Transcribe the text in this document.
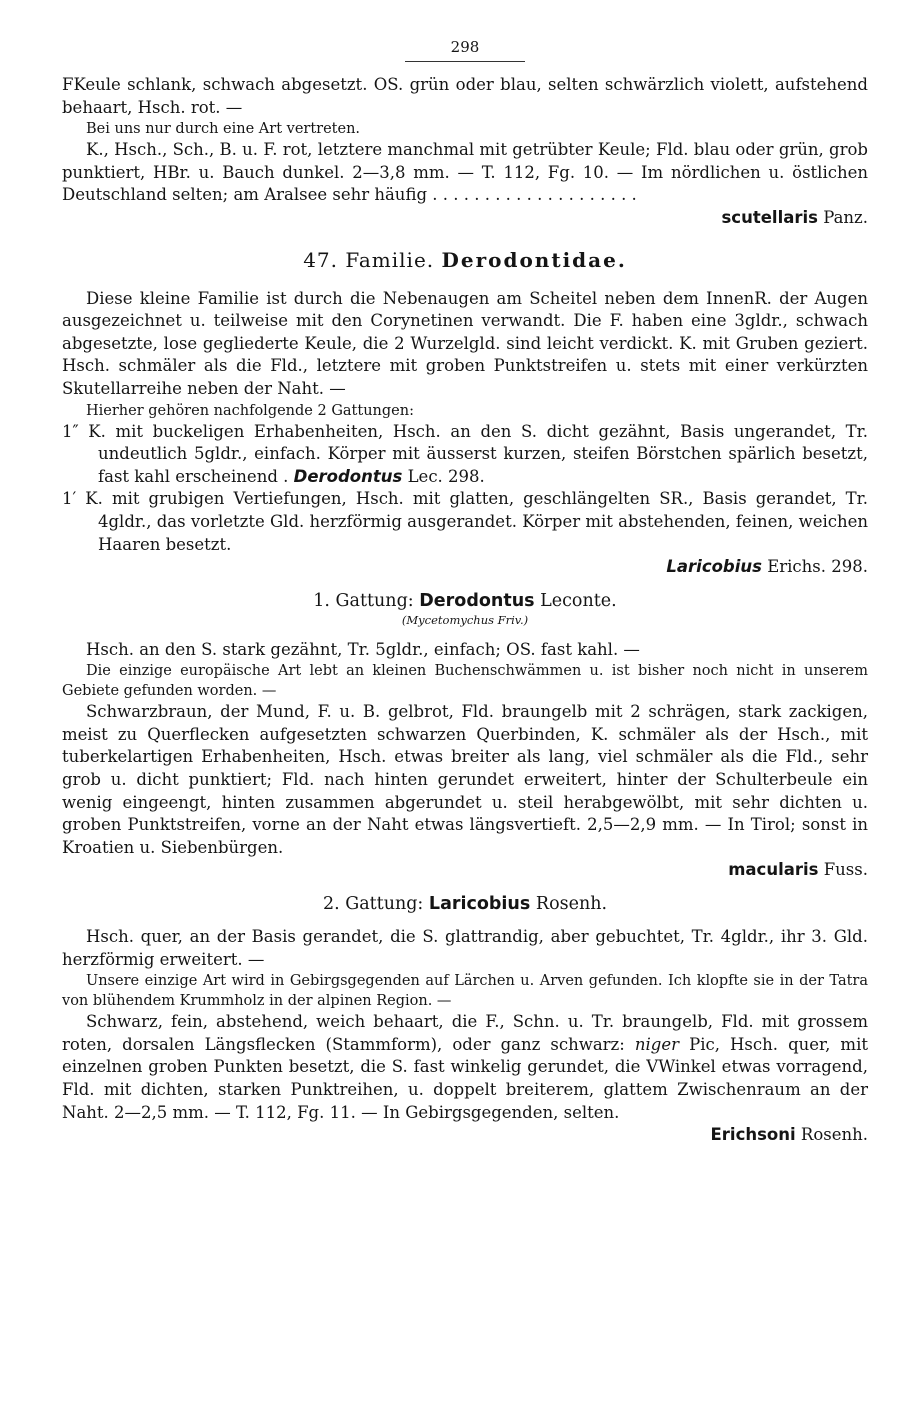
298

FKeule schlank, schwach abgesetzt. OS. grün oder blau, selten schwärzlich violett, aufstehend behaart, Hsch. rot. —

Bei uns nur durch eine Art vertreten.

K., Hsch., Sch., B. u. F. rot, letztere manchmal mit getrübter Keule; Fld. blau oder grün, grob punktiert, HBr. u. Bauch dunkel. 2—3,8 mm. — T. 112, Fg. 10. — Im nördlichen u. östlichen Deutschland selten; am Aralsee sehr häufig . . . . . . . . . . . . . . . . . . . .

scutellaris Panz.

47. Familie. Derodontidae.

Diese kleine Familie ist durch die Nebenaugen am Scheitel neben dem InnenR. der Augen ausgezeichnet u. teilweise mit den Corynetinen verwandt. Die F. haben eine 3gldr., schwach abgesetzte, lose gegliederte Keule, die 2 Wurzelgld. sind leicht verdickt. K. mit Gruben geziert. Hsch. schmäler als die Fld., letztere mit groben Punktstreifen u. stets mit einer verkürzten Skutellarreihe neben der Naht. —

Hierher gehören nachfolgende 2 Gattungen:

1″ K. mit buckeligen Erhabenheiten, Hsch. an den S. dicht gezähnt, Basis ungerandet, Tr. undeutlich 5gldr., einfach. Körper mit äusserst kurzen, steifen Börstchen spärlich besetzt, fast kahl erscheinend . Derodontus Lec. 298.

1′ K. mit grubigen Vertiefungen, Hsch. mit glatten, geschlängelten SR., Basis gerandet, Tr. 4gldr., das vorletzte Gld. herzförmig ausgerandet. Körper mit abstehenden, feinen, weichen Haaren besetzt.

Laricobius Erichs. 298.

1. Gattung: Derodontus Leconte.
(Mycetomychus Friv.)

Hsch. an den S. stark gezähnt, Tr. 5gldr., einfach; OS. fast kahl. —

Die einzige europäische Art lebt an kleinen Buchenschwämmen u. ist bisher noch nicht in unserem Gebiete gefunden worden. —

Schwarzbraun, der Mund, F. u. B. gelbrot, Fld. braungelb mit 2 schrägen, stark zackigen, meist zu Querflecken aufgesetzten schwarzen Querbinden, K. schmäler als der Hsch., mit tuberkelartigen Erhabenheiten, Hsch. etwas breiter als lang, viel schmäler als die Fld., sehr grob u. dicht punktiert; Fld. nach hinten gerundet erweitert, hinter der Schulterbeule ein wenig eingeengt, hinten zusammen abgerundet u. steil herabgewölbt, mit sehr dichten u. groben Punktstreifen, vorne an der Naht etwas längsvertieft. 2,5—2,9 mm. — In Tirol; sonst in Kroatien u. Siebenbürgen.

macularis Fuss.

2. Gattung: Laricobius Rosenh.

Hsch. quer, an der Basis gerandet, die S. glattrandig, aber gebuchtet, Tr. 4gldr., ihr 3. Gld. herzförmig erweitert. —

Unsere einzige Art wird in Gebirgsgegenden auf Lärchen u. Arven gefunden. Ich klopfte sie in der Tatra von blühendem Krummholz in der alpinen Region. —

Schwarz, fein, abstehend, weich behaart, die F., Schn. u. Tr. braungelb, Fld. mit grossem roten, dorsalen Längsflecken (Stammform), oder ganz schwarz: niger Pic, Hsch. quer, mit einzelnen groben Punkten besetzt, die S. fast winkelig gerundet, die VWinkel etwas vorragend, Fld. mit dichten, starken Punktreihen, u. doppelt breiterem, glattem Zwischenraum an der Naht. 2—2,5 mm. — T. 112, Fg. 11. — In Gebirgsgegenden, selten.

Erichsoni Rosenh.
